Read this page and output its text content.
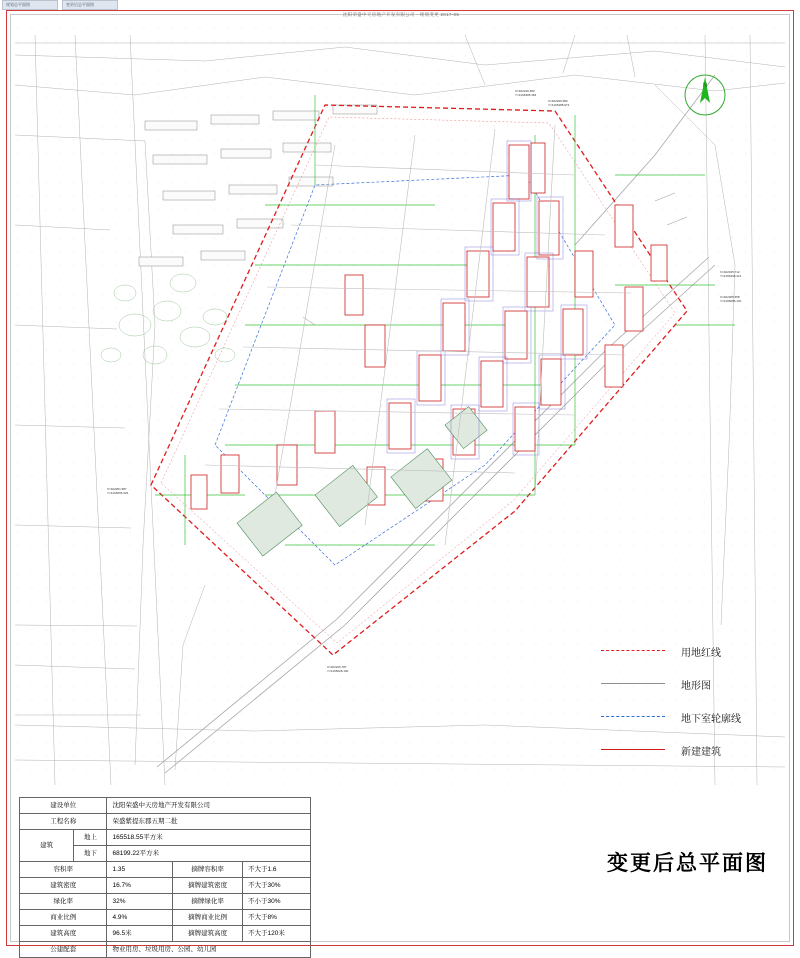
规划总平面图	变更后总平面图
沈阳荣盛中天房地产开发有限公司 - 规划变更 2017-05
X=402246.383
Y=4166385.484
X=402296.980
Y=4166388.973
X=402345.712
Y=4166308.321
X=402365.658
Y=4166086.140
X=402051.587
Y=4166055.326
X=402226.787
Y=4166028.100
N
用地红线
地形图
地下室轮廓线
新建建筑
建设单位		沈阳荣盛中天房地产开发有限公司		
工程名称		荣盛紫提东郡五期二批		
建筑	地上	165518.55平方米		
	地下	68199.22平方米		
容积率		1.35	摘牌容积率	不大于1.6
建筑密度		16.7%	摘牌建筑密度	不大于30%
绿化率		32%	摘牌绿化率	不小于30%
商业比例		4.9%	摘牌商业比例	不大于8%
建筑高度		96.5米	摘牌建筑高度	不大于120米
公建配套		物业用房、垃圾用房、公园、幼儿园		
变更后总平面图
